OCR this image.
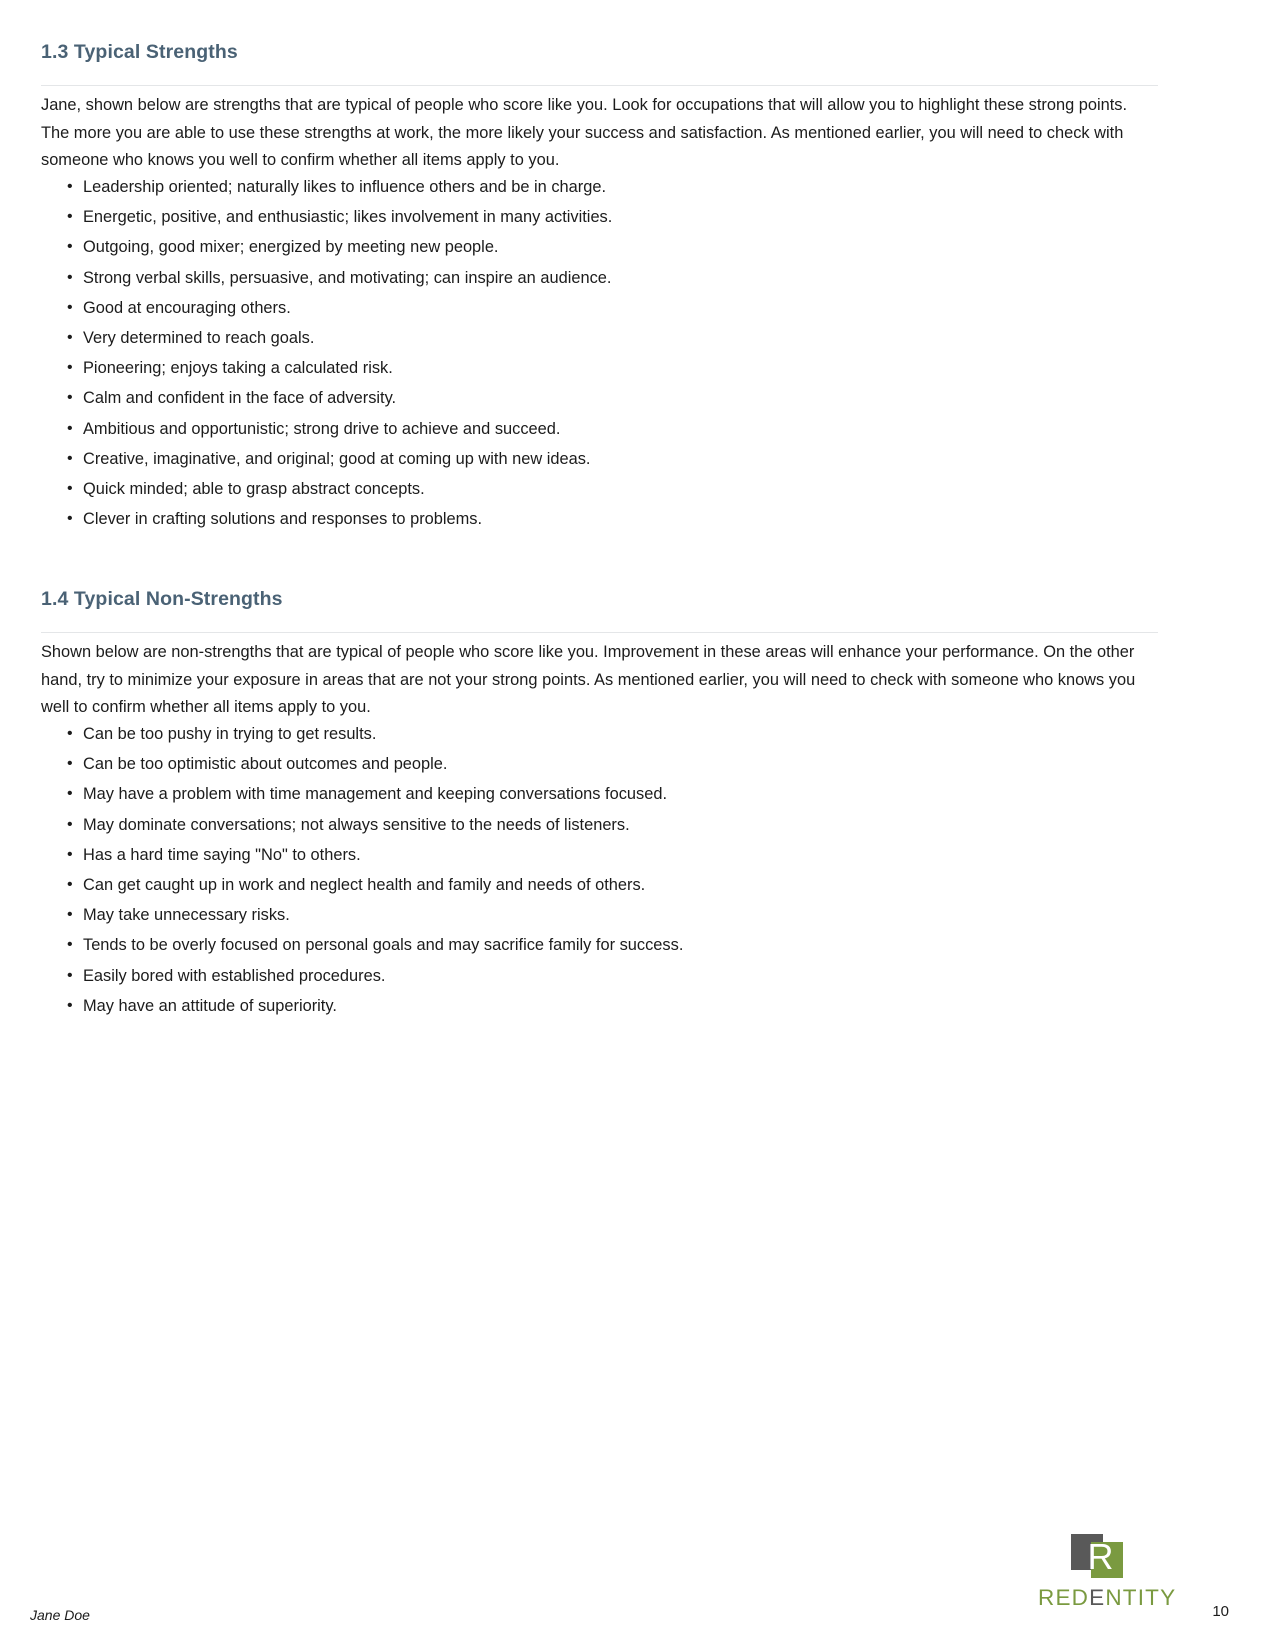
1.3 Typical Strengths

Jane, shown below are strengths that are typical of people who score like you. Look for occupations that will allow you to highlight these strong points. The more you are able to use these strengths at work, the more likely your success and satisfaction. As mentioned earlier, you will need to check with someone who knows you well to confirm whether all items apply to you.

• Leadership oriented; naturally likes to influence others and be in charge.
• Energetic, positive, and enthusiastic; likes involvement in many activities.
• Outgoing, good mixer; energized by meeting new people.
• Strong verbal skills, persuasive, and motivating; can inspire an audience.
• Good at encouraging others.
• Very determined to reach goals.
• Pioneering; enjoys taking a calculated risk.
• Calm and confident in the face of adversity.
• Ambitious and opportunistic; strong drive to achieve and succeed.
• Creative, imaginative, and original; good at coming up with new ideas.
• Quick minded; able to grasp abstract concepts.
• Clever in crafting solutions and responses to problems.
1.4 Typical Non-Strengths

Shown below are non-strengths that are typical of people who score like you. Improvement in these areas will enhance your performance. On the other hand, try to minimize your exposure in areas that are not your strong points. As mentioned earlier, you will need to check with someone who knows you well to confirm whether all items apply to you.

• Can be too pushy in trying to get results.
• Can be too optimistic about outcomes and people.
• May have a problem with time management and keeping conversations focused.
• May dominate conversations; not always sensitive to the needs of listeners.
• Has a hard time saying "No" to others.
• Can get caught up in work and neglect health and family and needs of others.
• May take unnecessary risks.
• Tends to be overly focused on personal goals and may sacrifice family for success.
• Easily bored with established procedures.
• May have an attitude of superiority.
Jane Doe
R
REDENTITY
10
